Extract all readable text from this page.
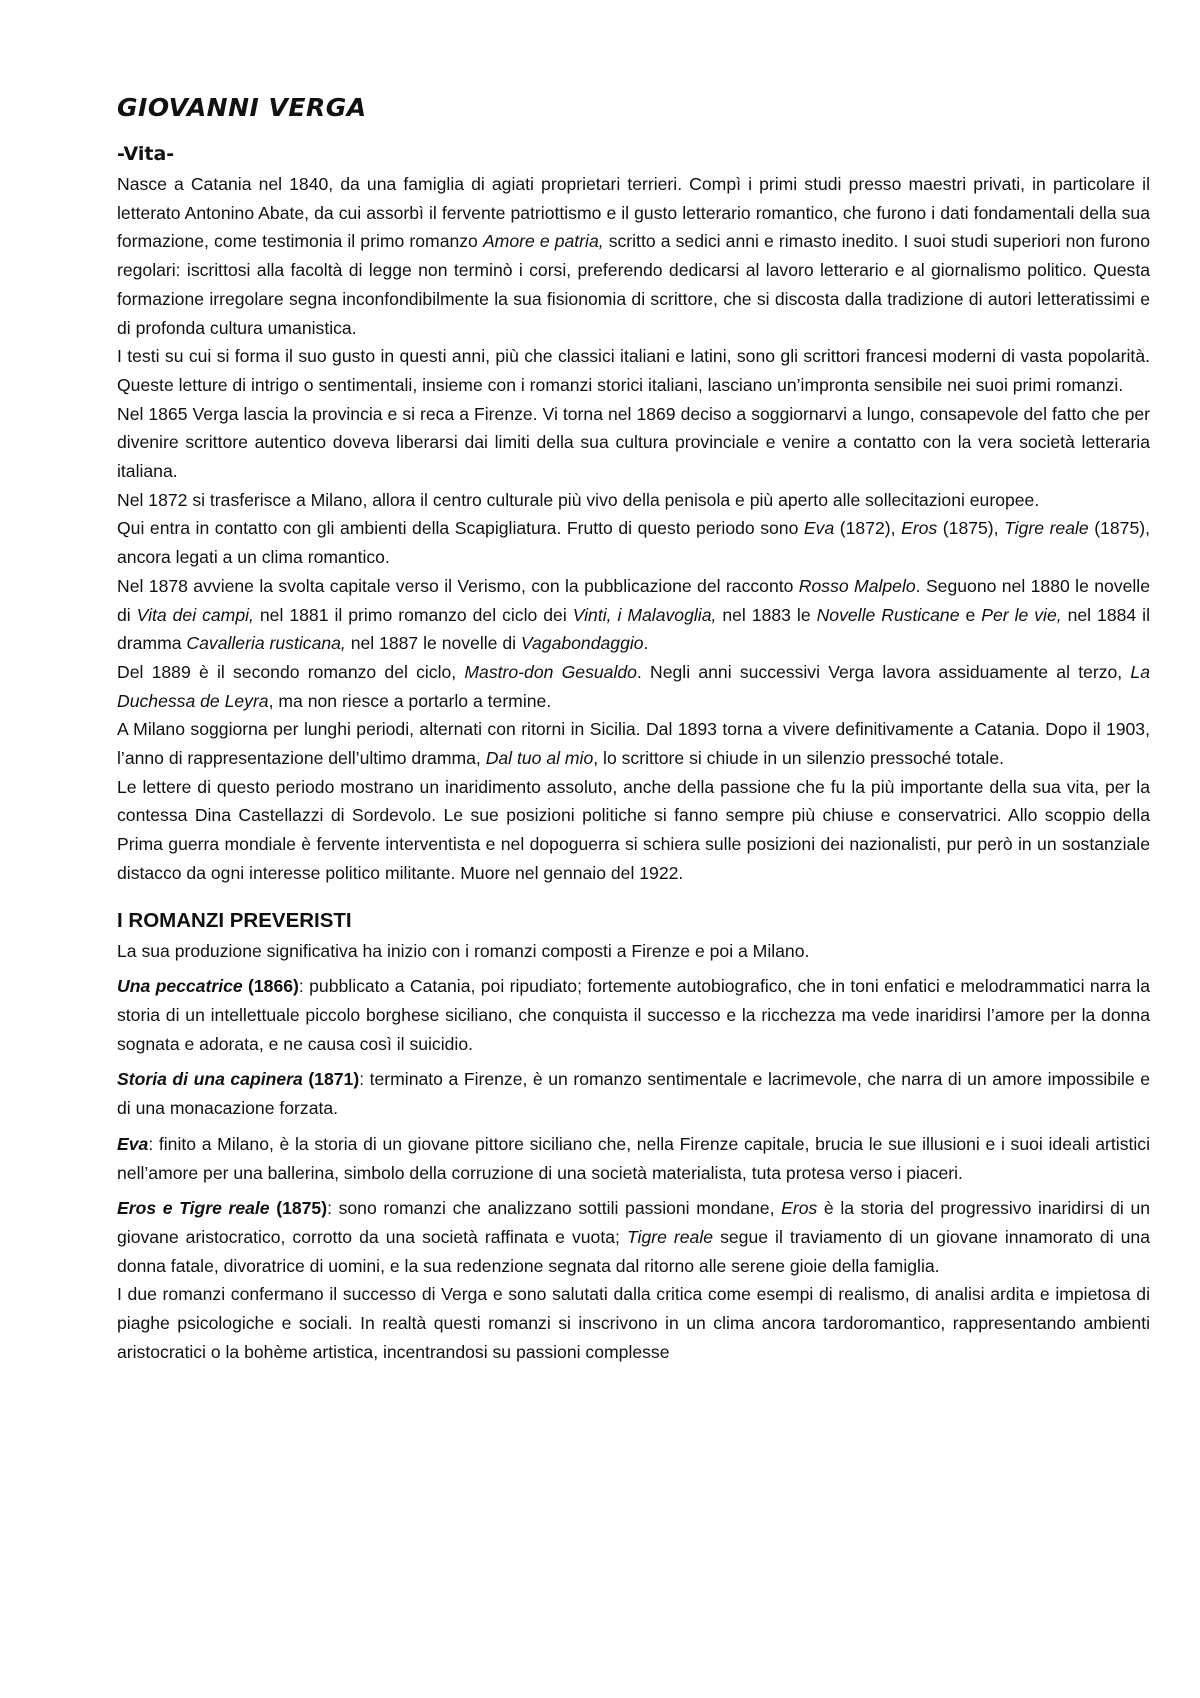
GIOVANNI VERGA
-Vita-

Nasce a Catania nel 1840, da una famiglia di agiati proprietari terrieri. Compì i primi studi presso maestri privati, in particolare il letterato Antonino Abate, da cui assorbì il fervente patriottismo e il gusto letterario romantico, che furono i dati fondamentali della sua formazione, come testimonia il primo romanzo Amore e patria, scritto a sedici anni e rimasto inedito. I suoi studi superiori non furono regolari: iscrittosi alla facoltà di legge non terminò i corsi, preferendo dedicarsi al lavoro letterario e al giornalismo politico. Questa formazione irregolare segna inconfondibilmente la sua fisionomia di scrittore, che si discosta dalla tradizione di autori letteratissimi e di profonda cultura umanistica.

I testi su cui si forma il suo gusto in questi anni, più che classici italiani e latini, sono gli scrittori francesi moderni di vasta popolarità. Queste letture di intrigo o sentimentali, insieme con i romanzi storici italiani, lasciano un’impronta sensibile nei suoi primi romanzi.

Nel 1865 Verga lascia la provincia e si reca a Firenze. Vi torna nel 1869 deciso a soggiornarvi a lungo, consapevole del fatto che per divenire scrittore autentico doveva liberarsi dai limiti della sua cultura provinciale e venire a contatto con la vera società letteraria italiana.

Nel 1872 si trasferisce a Milano, allora il centro culturale più vivo della penisola e più aperto alle sollecitazioni europee.

Qui entra in contatto con gli ambienti della Scapigliatura. Frutto di questo periodo sono Eva (1872), Eros (1875), Tigre reale (1875), ancora legati a un clima romantico.

Nel 1878 avviene la svolta capitale verso il Verismo, con la pubblicazione del racconto Rosso Malpelo. Seguono nel 1880 le novelle di Vita dei campi, nel 1881 il primo romanzo del ciclo dei Vinti, i Malavoglia, nel 1883 le Novelle Rusticane e Per le vie, nel 1884 il dramma Cavalleria rusticana, nel 1887 le novelle di Vagabondaggio.

Del 1889 è il secondo romanzo del ciclo, Mastro-don Gesualdo. Negli anni successivi Verga lavora assiduamente al terzo, La Duchessa de Leyra, ma non riesce a portarlo a termine.

A Milano soggiorna per lunghi periodi, alternati con ritorni in Sicilia. Dal 1893 torna a vivere definitivamente a Catania. Dopo il 1903, l’anno di rappresentazione dell’ultimo dramma, Dal tuo al mio, lo scrittore si chiude in un silenzio pressoché totale.

Le lettere di questo periodo mostrano un inaridimento assoluto, anche della passione che fu la più importante della sua vita, per la contessa Dina Castellazzi di Sordevolo. Le sue posizioni politiche si fanno sempre più chiuse e conservatrici. Allo scoppio della Prima guerra mondiale è fervente interventista e nel dopoguerra si schiera sulle posizioni dei nazionalisti, pur però in un sostanziale distacco da ogni interesse politico militante. Muore nel gennaio del 1922.

I ROMANZI PREVERISTI

La sua produzione significativa ha inizio con i romanzi composti a Firenze e poi a Milano.

Una peccatrice (1866): pubblicato a Catania, poi ripudiato; fortemente autobiografico, che in toni enfatici e melodrammatici narra la storia di un intellettuale piccolo borghese siciliano, che conquista il successo e la ricchezza ma vede inaridirsi l’amore per la donna sognata e adorata, e ne causa così il suicidio.

Storia di una capinera (1871): terminato a Firenze, è un romanzo sentimentale e lacrimevole, che narra di un amore impossibile e di una monacazione forzata.

Eva: finito a Milano, è la storia di un giovane pittore siciliano che, nella Firenze capitale, brucia le sue illusioni e i suoi ideali artistici nell’amore per una ballerina, simbolo della corruzione di una società materialista, tuta protesa verso i piaceri.

Eros e Tigre reale (1875): sono romanzi che analizzano sottili passioni mondane, Eros è la storia del progressivo inaridirsi di un giovane aristocratico, corrotto da una società raffinata e vuota; Tigre reale segue il traviamento di un giovane innamorato di una donna fatale, divoratrice di uomini, e la sua redenzione segnata dal ritorno alle serene gioie della famiglia.

I due romanzi confermano il successo di Verga e sono salutati dalla critica come esempi di realismo, di analisi ardita e impietosa di piaghe psicologiche e sociali. In realtà questi romanzi si inscrivono in un clima ancora tardoromantico, rappresentando ambienti aristocratici o la bohème artistica, incentrandosi su passioni complesse
